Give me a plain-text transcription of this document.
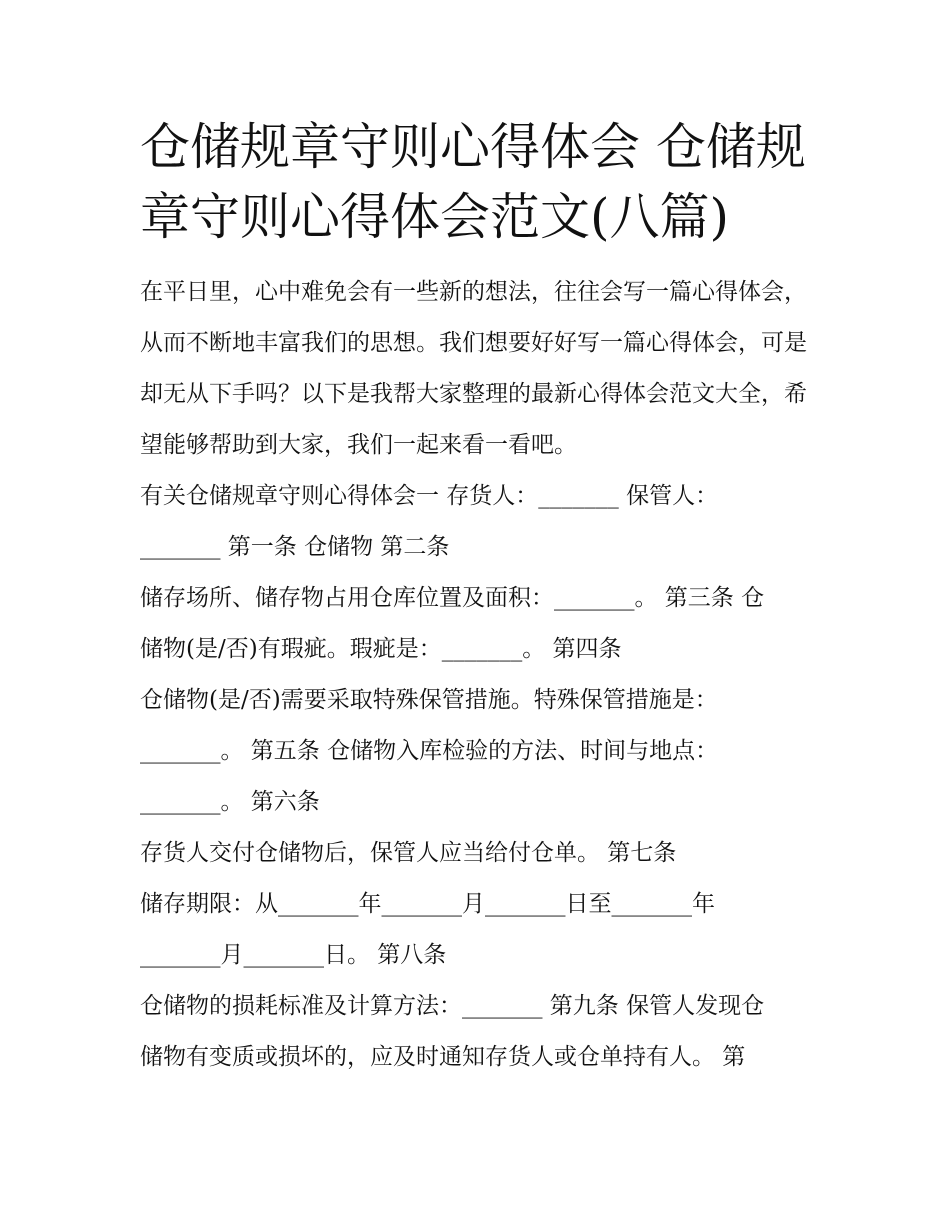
仓储规章守则心得体会 仓储规章守则心得体会范文(八篇)

在平日里，心中难免会有一些新的想法，往往会写一篇心得体会，从而不断地丰富我们的思想。我们想要好好写一篇心得体会，可是却无从下手吗？以下是我帮大家整理的最新心得体会范文大全，希望能够帮助到大家，我们一起来看一看吧。

有关仓储规章守则心得体会一 存货人：_______ 保管人：
_______ 第一条 仓储物 第二条
储存场所、储存物占用仓库位置及面积：_______。 第三条 仓
储物(是/否)有瑕疵。瑕疵是：_______。 第四条
仓储物(是/否)需要采取特殊保管措施。特殊保管措施是：
_______。 第五条 仓储物入库检验的方法、时间与地点：
_______。 第六条
存货人交付仓储物后，保管人应当给付仓单。 第七条
储存期限：从_______年_______月_______日至_______年
_______月_______日。 第八条
仓储物的损耗标准及计算方法：_______ 第九条 保管人发现仓
储物有变质或损坏的，应及时通知存货人或仓单持有人。 第
